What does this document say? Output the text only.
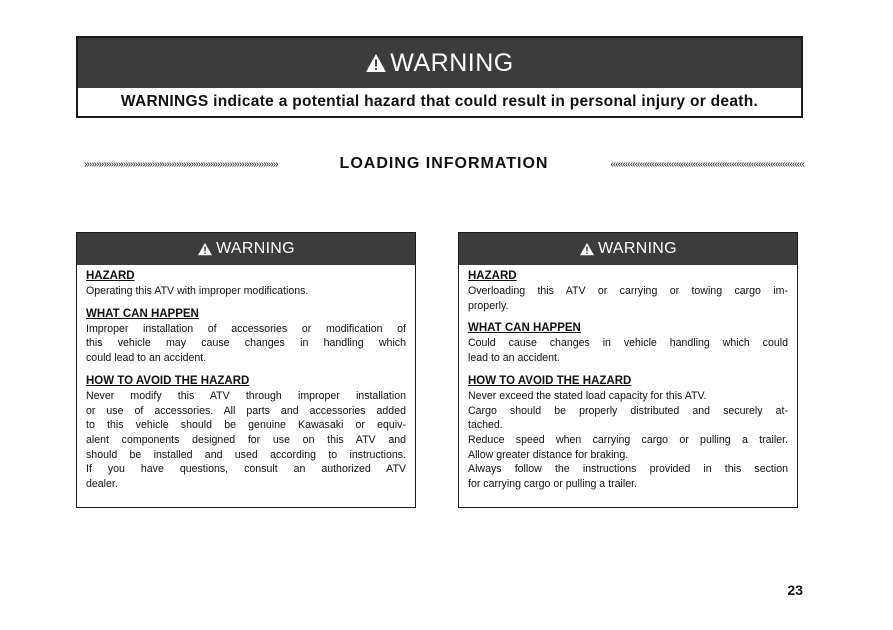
WARNING
WARNINGS indicate a potential hazard that could result in personal injury or death.
»»»»»»»»»»»»»»»»»»»»»»»»»»»»»»»»»»»»»»»»	LOADING INFORMATION	««««««««««««««««««««««««««««««««««««««««
WARNING
HAZARD
Operating this ATV with improper modifications.
WHAT CAN HAPPEN
Improper installation of accessories or modification of
this vehicle may cause changes in handling which
could lead to an accident.
HOW TO AVOID THE HAZARD
Never modify this ATV through improper installation
or use of accessories. All parts and accessories added
to this vehicle should be genuine Kawasaki or equiv-
alent components designed for use on this ATV and
should be installed and used according to instructions.
If you have questions, consult an authorized ATV
dealer.
WARNING
HAZARD
Overloading this ATV or carrying or towing cargo im-
properly.
WHAT CAN HAPPEN
Could cause changes in vehicle handling which could
lead to an accident.
HOW TO AVOID THE HAZARD
Never exceed the stated load capacity for this ATV.
Cargo should be properly distributed and securely at-
tached.
Reduce speed when carrying cargo or pulling a trailer.
Allow greater distance for braking.
Always follow the instructions provided in this section
for carrying cargo or pulling a trailer.
23
